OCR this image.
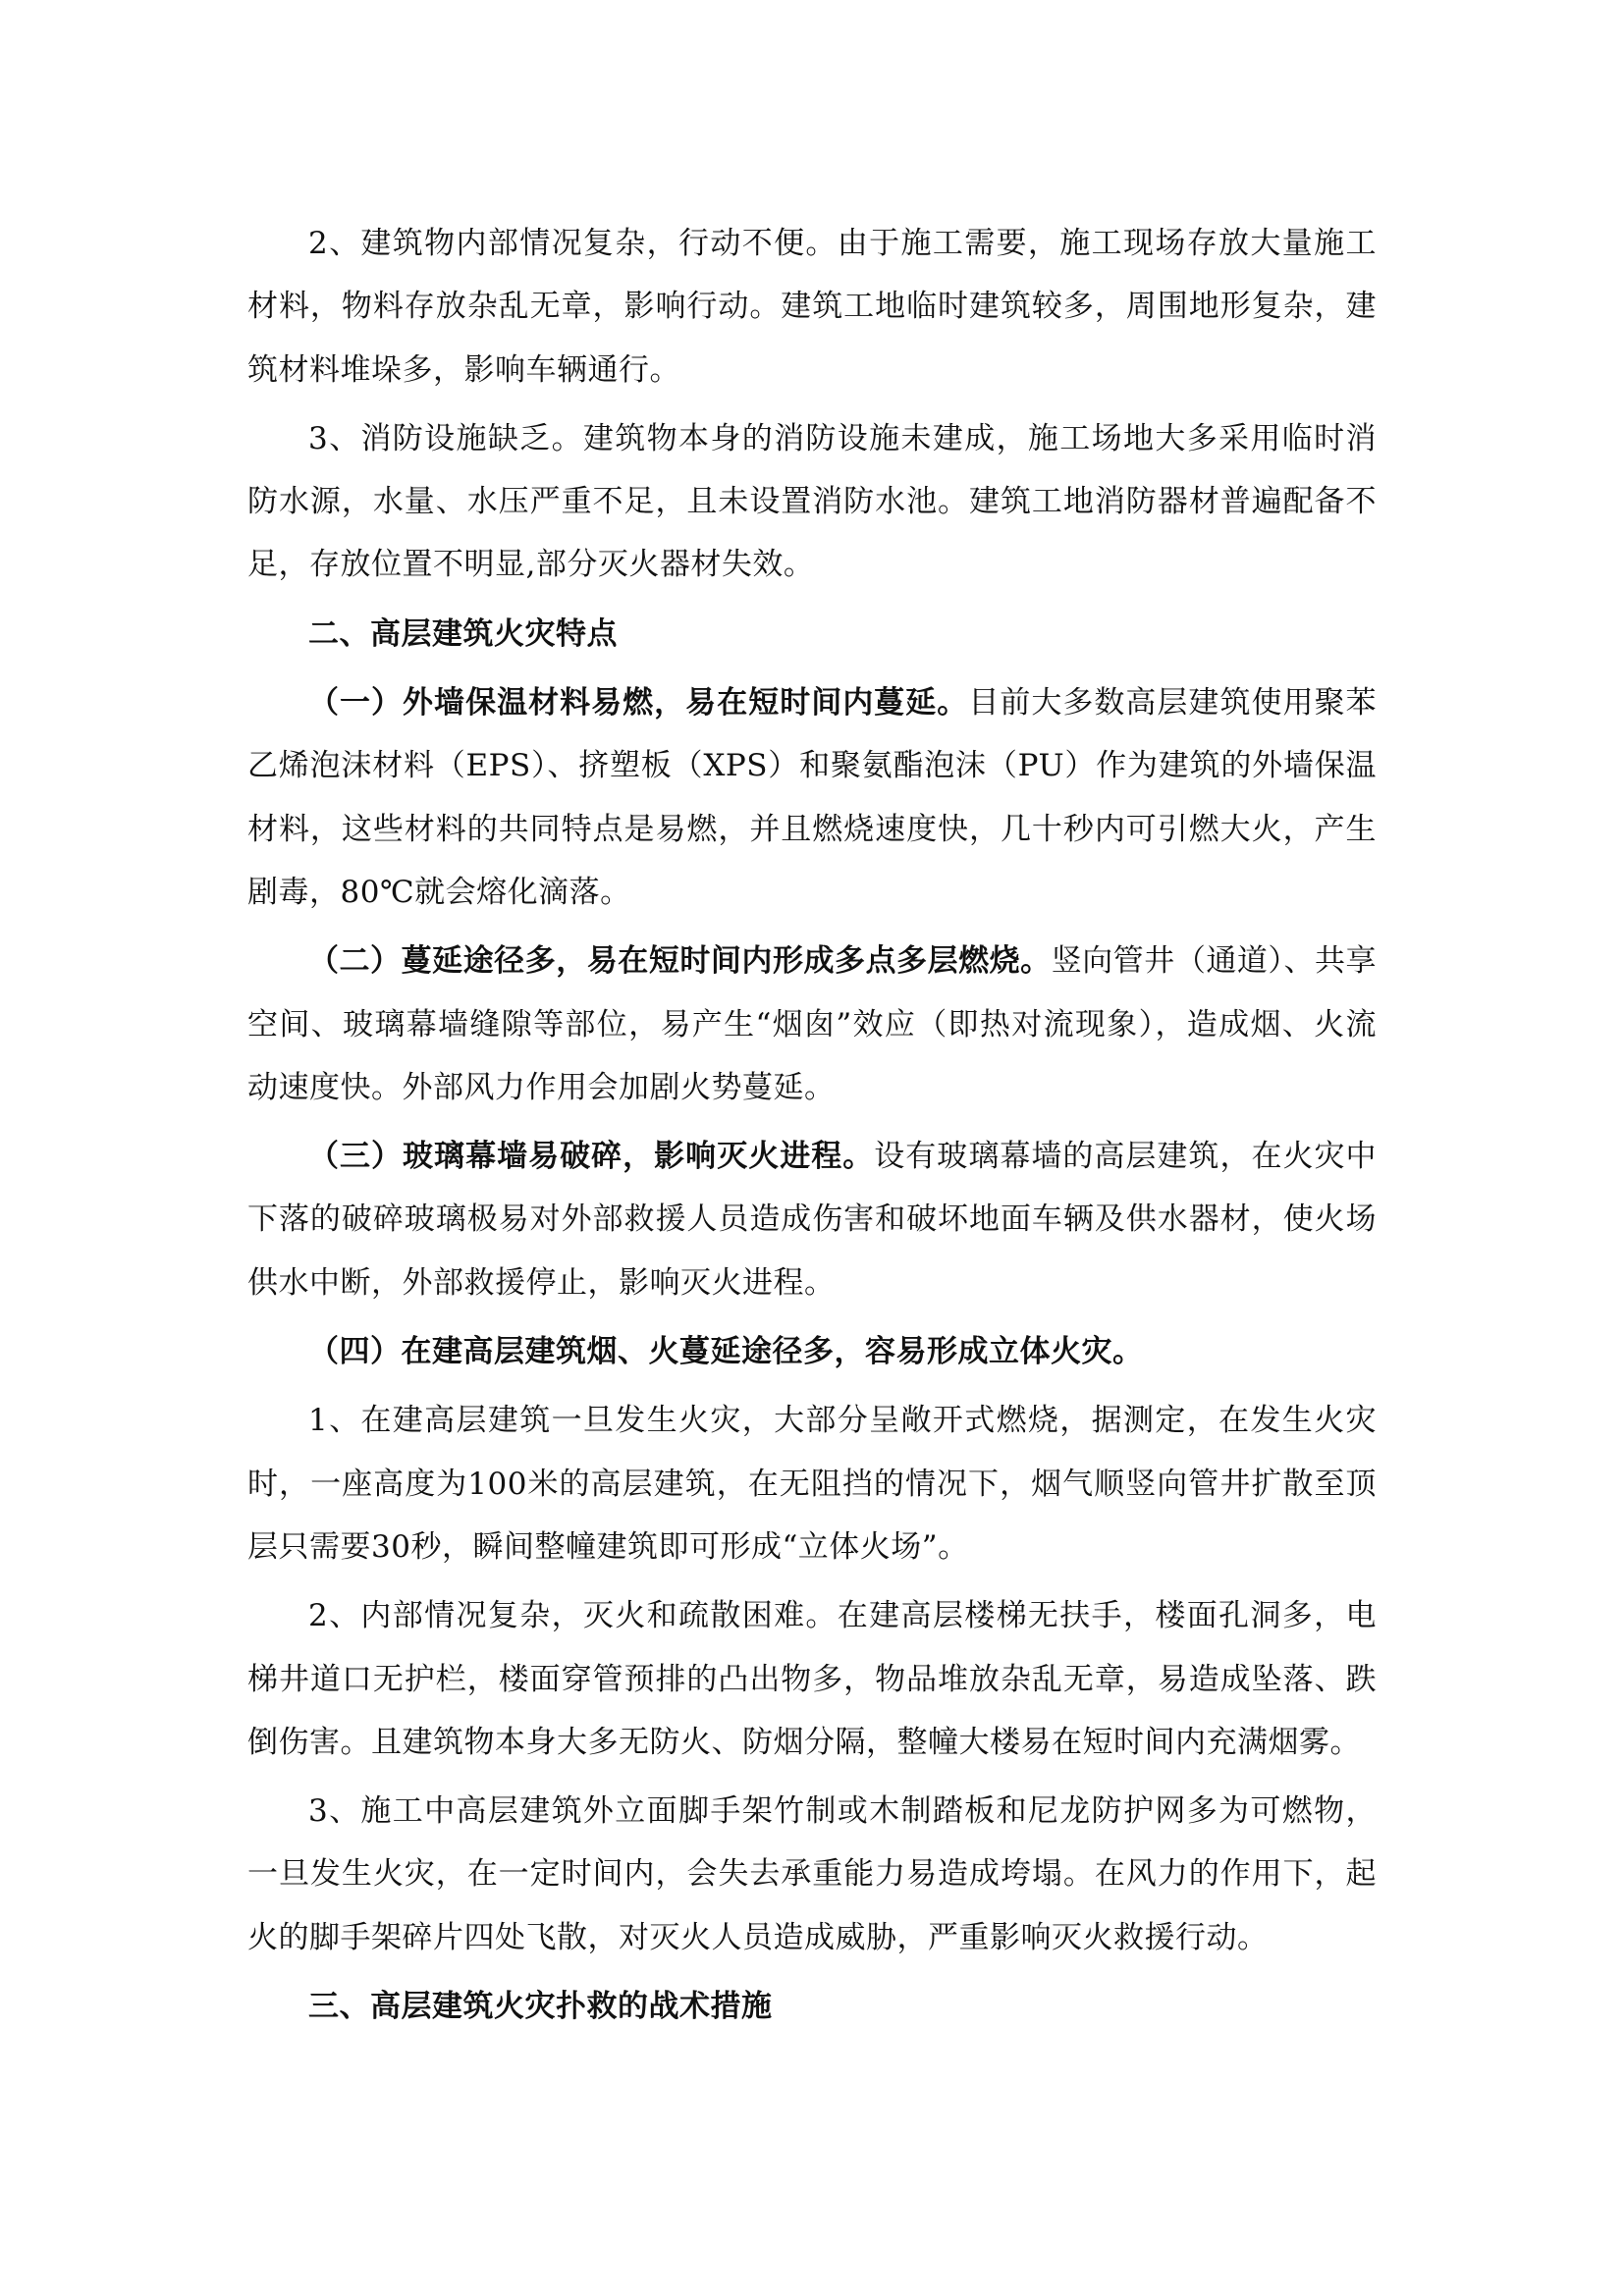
2、建筑物内部情况复杂，行动不便。由于施工需要，施工现场存放大量施工材料，物料存放杂乱无章，影响行动。建筑工地临时建筑较多，周围地形复杂，建筑材料堆垛多，影响车辆通行。

3、消防设施缺乏。建筑物本身的消防设施未建成，施工场地大多采用临时消防水源，水量、水压严重不足，且未设置消防水池。建筑工地消防器材普遍配备不足，存放位置不明显,部分灭火器材失效。

二、高层建筑火灾特点

（一）外墙保温材料易燃，易在短时间内蔓延。目前大多数高层建筑使用聚苯乙烯泡沫材料（EPS）、挤塑板（XPS）和聚氨酯泡沫（PU）作为建筑的外墙保温材料，这些材料的共同特点是易燃，并且燃烧速度快，几十秒内可引燃大火，产生剧毒，80℃就会熔化滴落。

（二）蔓延途径多，易在短时间内形成多点多层燃烧。竖向管井（通道）、共享空间、玻璃幕墙缝隙等部位，易产生“烟囱”效应（即热对流现象），造成烟、火流动速度快。外部风力作用会加剧火势蔓延。

（三）玻璃幕墙易破碎，影响灭火进程。设有玻璃幕墙的高层建筑，在火灾中下落的破碎玻璃极易对外部救援人员造成伤害和破坏地面车辆及供水器材，使火场供水中断，外部救援停止，影响灭火进程。

（四）在建高层建筑烟、火蔓延途径多，容易形成立体火灾。

1、在建高层建筑一旦发生火灾，大部分呈敞开式燃烧，据测定，在发生火灾时，一座高度为100米的高层建筑，在无阻挡的情况下，烟气顺竖向管井扩散至顶层只需要30秒，瞬间整幢建筑即可形成“立体火场”。

2、内部情况复杂，灭火和疏散困难。在建高层楼梯无扶手，楼面孔洞多，电梯井道口无护栏，楼面穿管预排的凸出物多，物品堆放杂乱无章，易造成坠落、跌倒伤害。且建筑物本身大多无防火、防烟分隔，整幢大楼易在短时间内充满烟雾。

3、施工中高层建筑外立面脚手架竹制或木制踏板和尼龙防护网多为可燃物，一旦发生火灾，在一定时间内，会失去承重能力易造成垮塌。在风力的作用下，起火的脚手架碎片四处飞散，对灭火人员造成威胁，严重影响灭火救援行动。

三、高层建筑火灾扑救的战术措施
